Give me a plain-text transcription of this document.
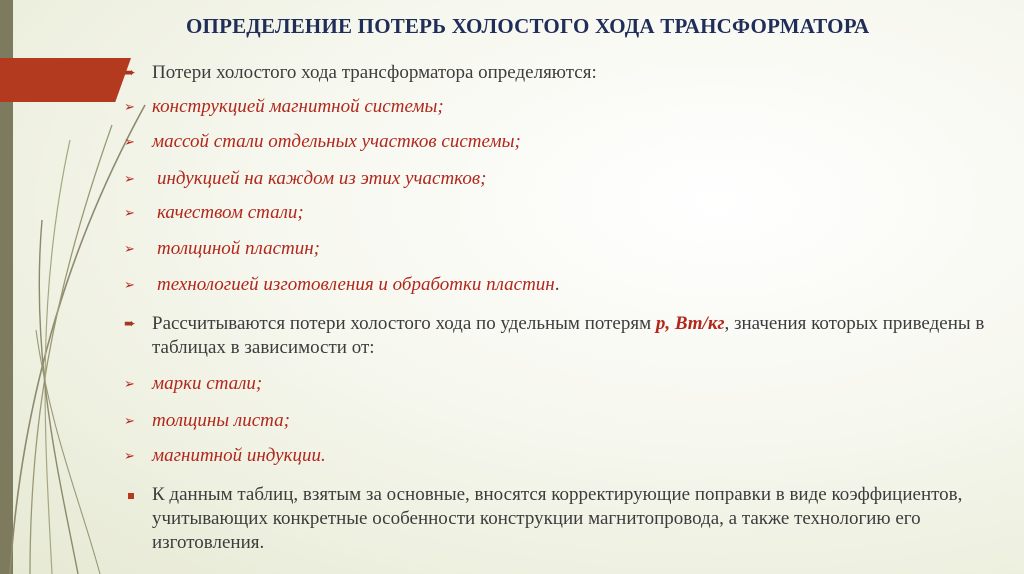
ОПРЕДЕЛЕНИЕ ПОТЕРЬ ХОЛОСТОГО ХОДА ТРАНСФОРМАТОРА
➨ Потери холостого хода трансформатора определяются:
➢ конструкцией магнитной системы;
➢ массой стали отдельных участков системы;
➢ индукцией на каждом из этих участков;
➢ качеством стали;
➢ толщиной пластин;
➢ технологией изготовления и обработки пластин.
➨ Рассчитываются потери холостого хода по удельным потерям р, Вт/кг, значения которых приведены в таблицах в зависимости от:
➢ марки стали;
➢ толщины листа;
➢ магнитной индукции.
К данным таблиц, взятым за основные, вносятся корректирующие поправки в виде коэффициентов, учитывающих конкретные особенности конструкции магнитопровода, а также технологию его изготовления.
